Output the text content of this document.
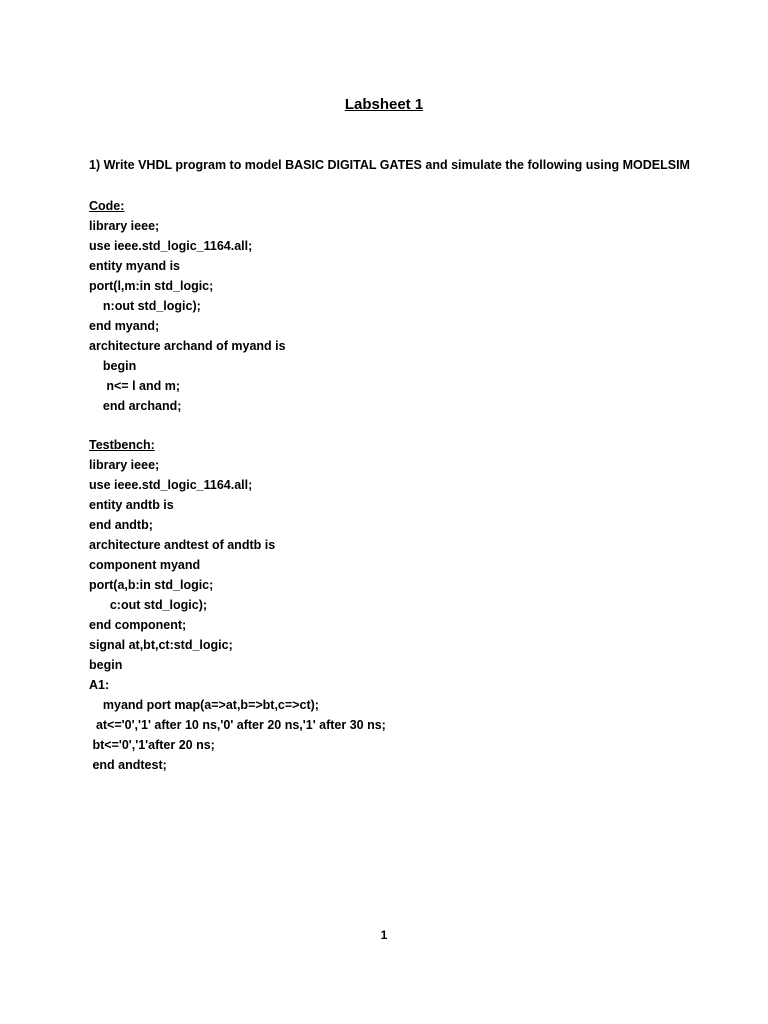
Labsheet 1
1) Write VHDL program to model BASIC DIGITAL GATES and simulate the following using MODELSIM
Code:
library ieee;
use ieee.std_logic_1164.all;
entity myand is
port(l,m:in std_logic;
n:out std_logic);
end myand;
architecture archand of myand is
begin
n<= l and m;
end archand;
Testbench:
library ieee;
use ieee.std_logic_1164.all;
entity andtb is
end andtb;
architecture andtest of andtb is
component myand
port(a,b:in std_logic;
c:out std_logic);
end component;
signal at,bt,ct:std_logic;
begin
A1:
myand port map(a=>at,b=>bt,c=>ct);
at<='0','1' after 10 ns,'0' after 20 ns,'1' after 30 ns;
bt<='0','1'after 20 ns;
end andtest;
1
